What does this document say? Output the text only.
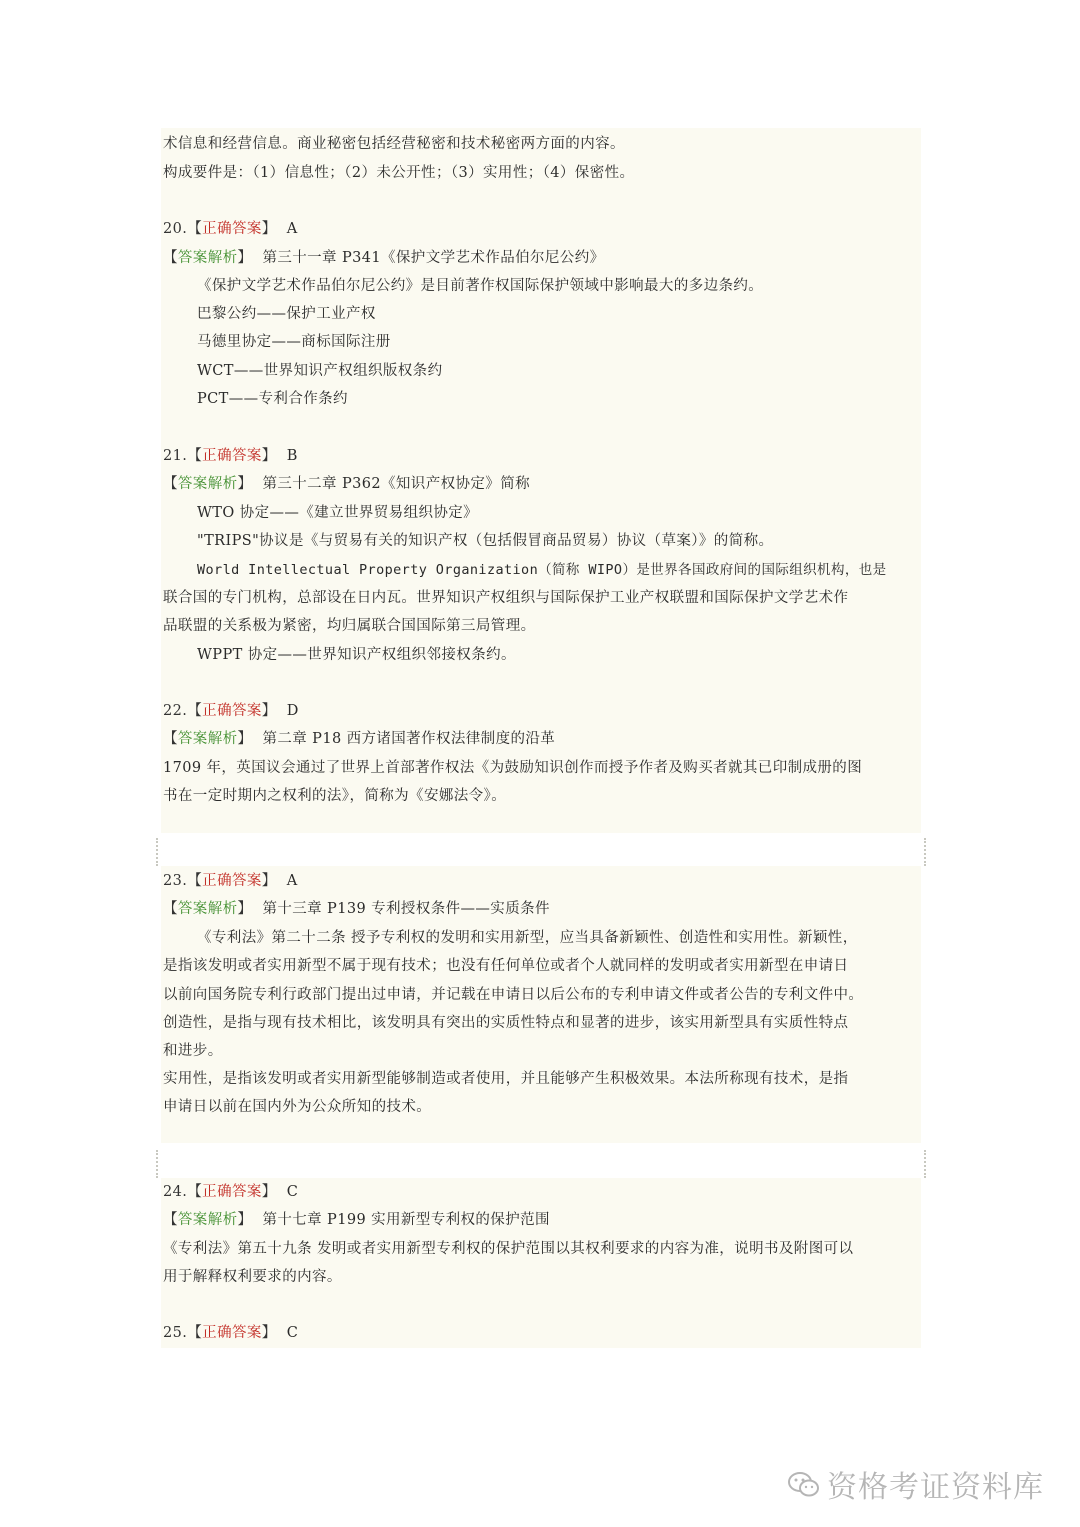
术信息和经营信息。商业秘密包括经营秘密和技术秘密两方面的内容。
构成要件是：（1）信息性；（2）未公开性；（3）实用性；（4）保密性。
20.【正确答案】 A
【答案解析】 第三十一章 P341《保护文学艺术作品伯尔尼公约》
《保护文学艺术作品伯尔尼公约》是目前著作权国际保护领域中影响最大的多边条约。
巴黎公约——保护工业产权
马德里协定——商标国际注册
WCT——世界知识产权组织版权条约
PCT——专利合作条约
21.【正确答案】 B
【答案解析】 第三十二章 P362《知识产权协定》简称
WTO 协定——《建立世界贸易组织协定》
"TRIPS"协议是《与贸易有关的知识产权（包括假冒商品贸易）协议（草案）》的简称。
World Intellectual Property Organization（简称 WIPO）是世界各国政府间的国际组织机构，也是
联合国的专门机构，总部设在日内瓦。世界知识产权组织与国际保护工业产权联盟和国际保护文学艺术作
品联盟的关系极为紧密，均归属联合国国际第三局管理。
WPPT 协定——世界知识产权组织邻接权条约。
22.【正确答案】 D
【答案解析】 第二章 P18 西方诸国著作权法律制度的沿革
1709 年，英国议会通过了世界上首部著作权法《为鼓励知识创作而授予作者及购买者就其已印制成册的图
书在一定时期内之权利的法》，简称为《安娜法令》。
23.【正确答案】 A
【答案解析】 第十三章 P139 专利授权条件——实质条件
《专利法》第二十二条 授予专利权的发明和实用新型，应当具备新颖性、创造性和实用性。新颖性，
是指该发明或者实用新型不属于现有技术；也没有任何单位或者个人就同样的发明或者实用新型在申请日
以前向国务院专利行政部门提出过申请，并记载在申请日以后公布的专利申请文件或者公告的专利文件中。
创造性，是指与现有技术相比，该发明具有突出的实质性特点和显著的进步，该实用新型具有实质性特点
和进步。
实用性，是指该发明或者实用新型能够制造或者使用，并且能够产生积极效果。本法所称现有技术，是指
申请日以前在国内外为公众所知的技术。
24.【正确答案】 C
【答案解析】 第十七章 P199 实用新型专利权的保护范围
《专利法》第五十九条 发明或者实用新型专利权的保护范围以其权利要求的内容为准，说明书及附图可以
用于解释权利要求的内容。
25.【正确答案】 C
资格考证资料库
